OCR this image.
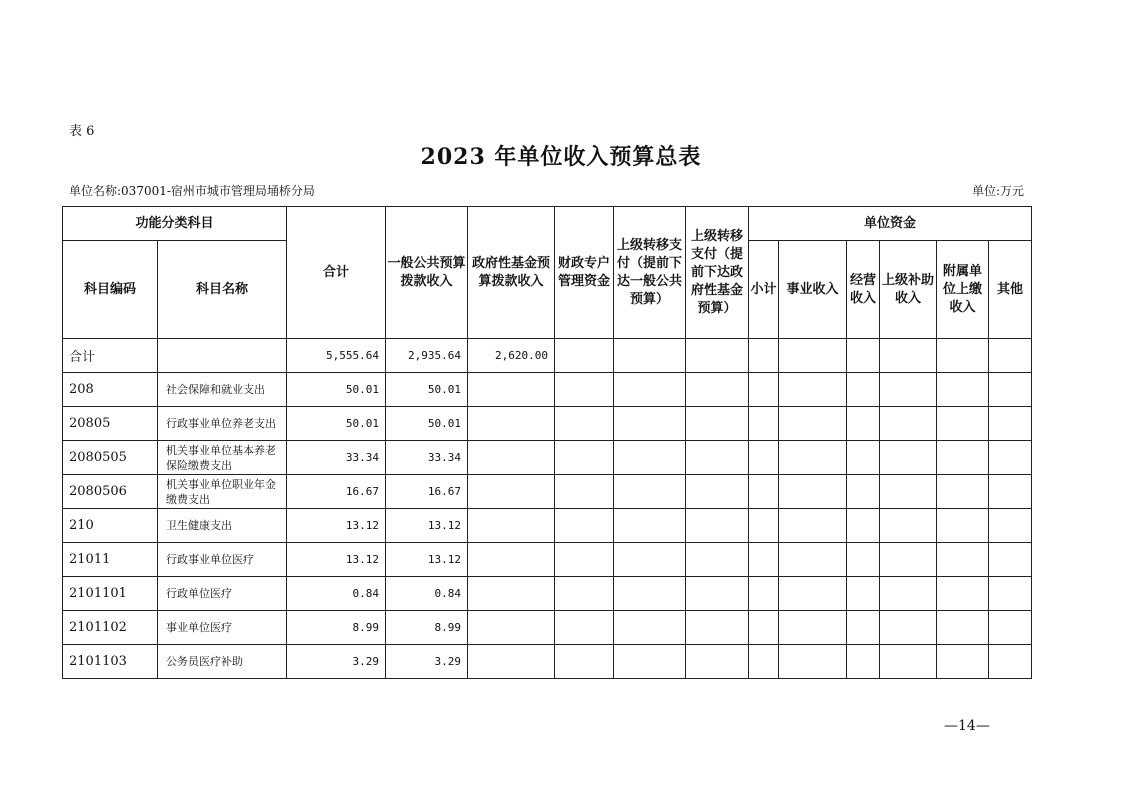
表 6
2023 年单位收入预算总表
单位名称:037001-宿州市城市管理局埇桥分局	单位:万元
功能分类科目		合计	一般公共预算拨款收入	政府性基金预算拨款收入	财政专户管理资金	上级转移支付（提前下达一般公共预算）	上级转移支付（提前下达政府性基金预算）	单位资金					
科目编码	科目名称							小计	事业收入	经营收入	上级补助收入	附属单位上缴收入	其他
合计		5,555.64	2,935.64	2,620.00									
208	社会保障和就业支出	50.01	50.01										
20805	行政事业单位养老支出	50.01	50.01										
2080505	机关事业单位基本养老保险缴费支出	33.34	33.34										
2080506	机关事业单位职业年金缴费支出	16.67	16.67										
210	卫生健康支出	13.12	13.12										
21011	行政事业单位医疗	13.12	13.12										
2101101	行政单位医疗	0.84	0.84										
2101102	事业单位医疗	8.99	8.99										
2101103	公务员医疗补助	3.29	3.29										
—14—
